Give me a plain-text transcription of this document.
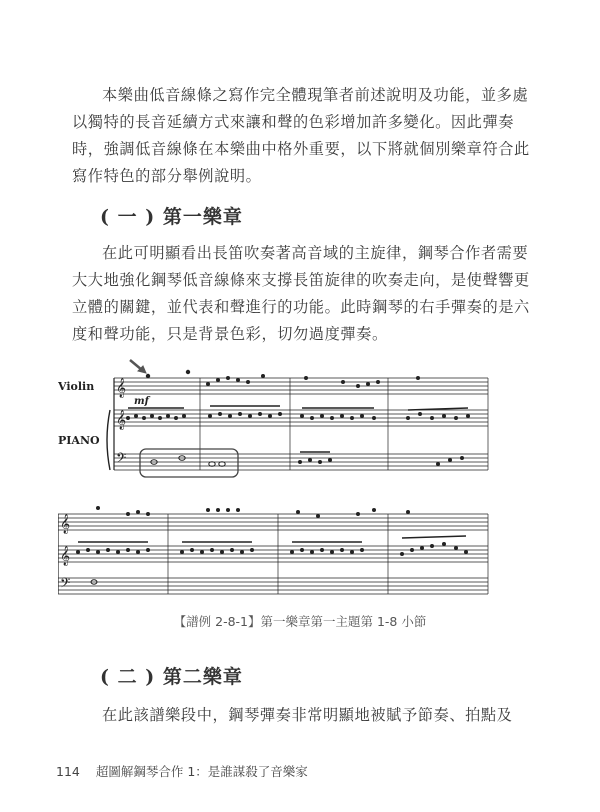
本樂曲低音線條之寫作完全體現筆者前述說明及功能，並多處以獨特的長音延續方式來讓和聲的色彩增加許多變化。因此彈奏時，強調低音線條在本樂曲中格外重要，以下將就個別樂章符合此寫作特色的部分舉例說明。

( 一 ) 第一樂章

在此可明顯看出長笛吹奏著高音域的主旋律，鋼琴合作者需要大大地強化鋼琴低音線條來支撐長笛旋律的吹奏走向，是使聲響更立體的關鍵，並代表和聲進行的功能。此時鋼琴的右手彈奏的是六度和聲功能，只是背景色彩，切勿過度彈奏。

𝄞
𝄞
𝄢
𝄞
𝄞
𝄢
Violin
PIANO
mf
【譜例 2-8-1】第一樂章第一主題第 1-8 小節
( 二 ) 第二樂章

在此該譜樂段中，鋼琴彈奏非常明顯地被賦予節奏、拍點及

114 超圖解鋼琴合作 1：是誰謀殺了音樂家
